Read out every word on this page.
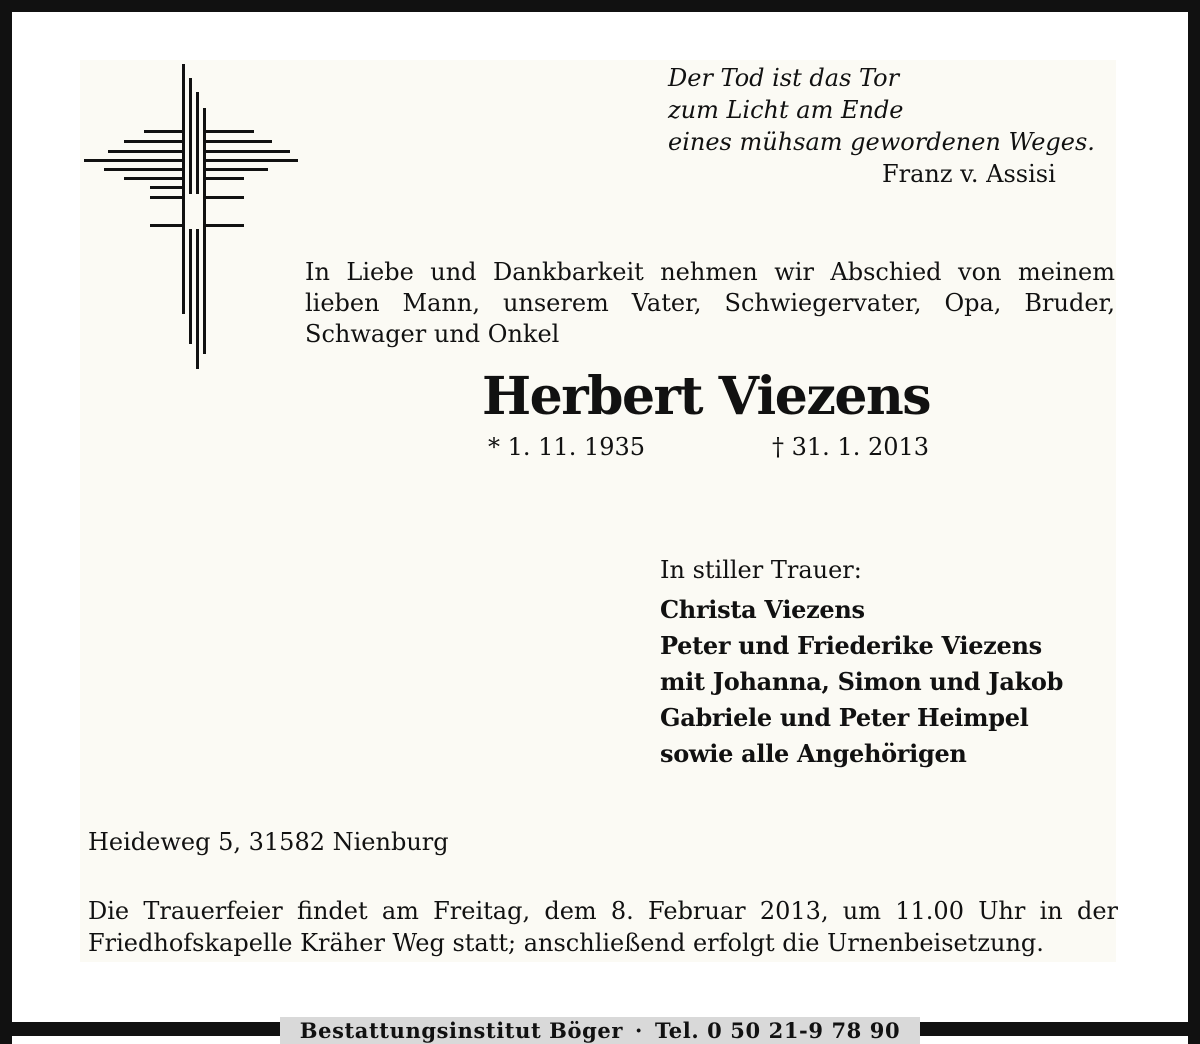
Der Tod ist das Tor
zum Licht am Ende
eines mühsam gewordenen Weges.
Franz v. Assisi
In Liebe und Dankbarkeit nehmen wir Abschied von meinem
lieben Mann, unserem Vater, Schwiegervater, Opa, Bruder,
Schwager und Onkel
Herbert Viezens
* 1. 11. 1935	† 31. 1. 2013
In stiller Trauer:
Christa Viezens
Peter und Friederike Viezens
mit Johanna, Simon und Jakob
Gabriele und Peter Heimpel
sowie alle Angehörigen
Heideweg 5, 31582 Nienburg
Die Trauerfeier findet am Freitag, dem 8. Februar 2013, um 11.00 Uhr in der
Friedhofskapelle Kräher Weg statt; anschließend erfolgt die Urnenbeisetzung.
Bestattungsinstitut Böger · Tel. 0 50 21-9 78 90
